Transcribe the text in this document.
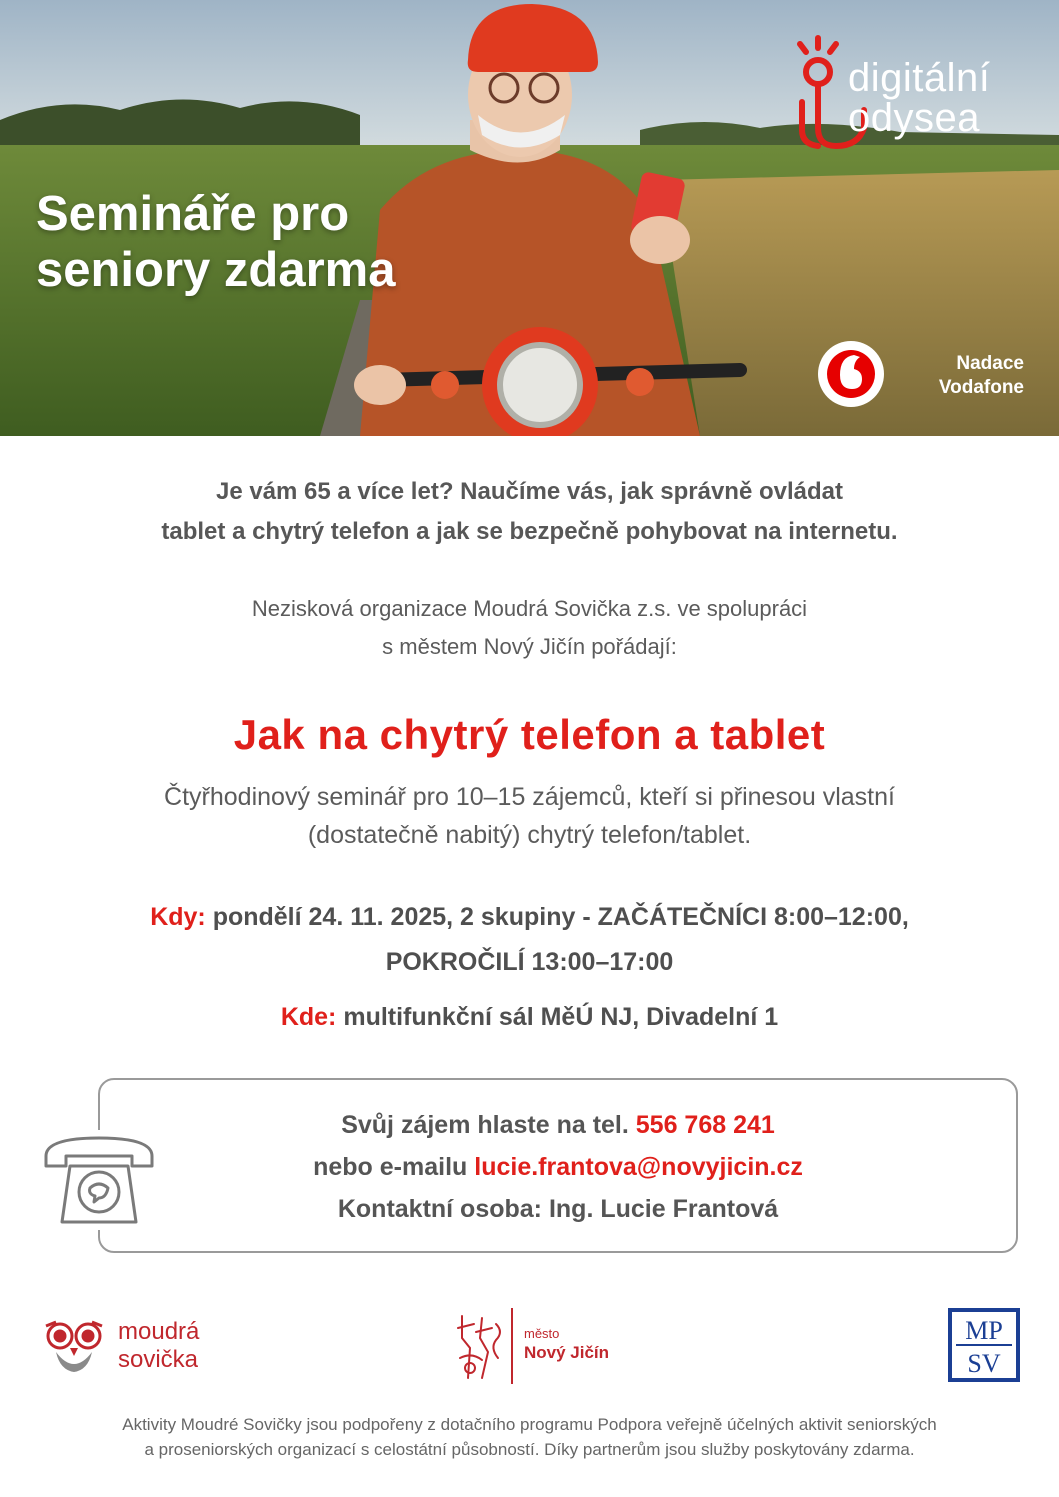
Semináře pro
seniory zdarma
digitální
odysea
Nadace
Vodafone

Je vám 65 a více let? Naučíme vás, jak správně ovládat
tablet a chytrý telefon a jak se bezpečně pohybovat na internetu.

Nezisková organizace Moudrá Sovička z.s. ve spolupráci
s městem Nový Jičín pořádají:

Jak na chytrý telefon a tablet

Čtyřhodinový seminář pro 10–15 zájemců, kteří si přinesou vlastní
(dostatečně nabitý) chytrý telefon/tablet.

Kdy: pondělí 24. 11. 2025, 2 skupiny - ZAČÁTEČNÍCI 8:00–12:00,
POKROČILÍ 13:00–17:00

Kde: multifunkční sál MěÚ NJ, Divadelní 1

Svůj zájem hlaste na tel. 556 768 241
nebo e-mailu lucie.frantova@novyjicin.cz
Kontaktní osoba: Ing. Lucie Frantová
moudrá
sovička
město
Nový Jičín
MP
SV
Aktivity Moudré Sovičky jsou podpořeny z dotačního programu Podpora veřejně účelných aktivit seniorských
a proseniorských organizací s celostátní působností. Díky partnerům jsou služby poskytovány zdarma.
